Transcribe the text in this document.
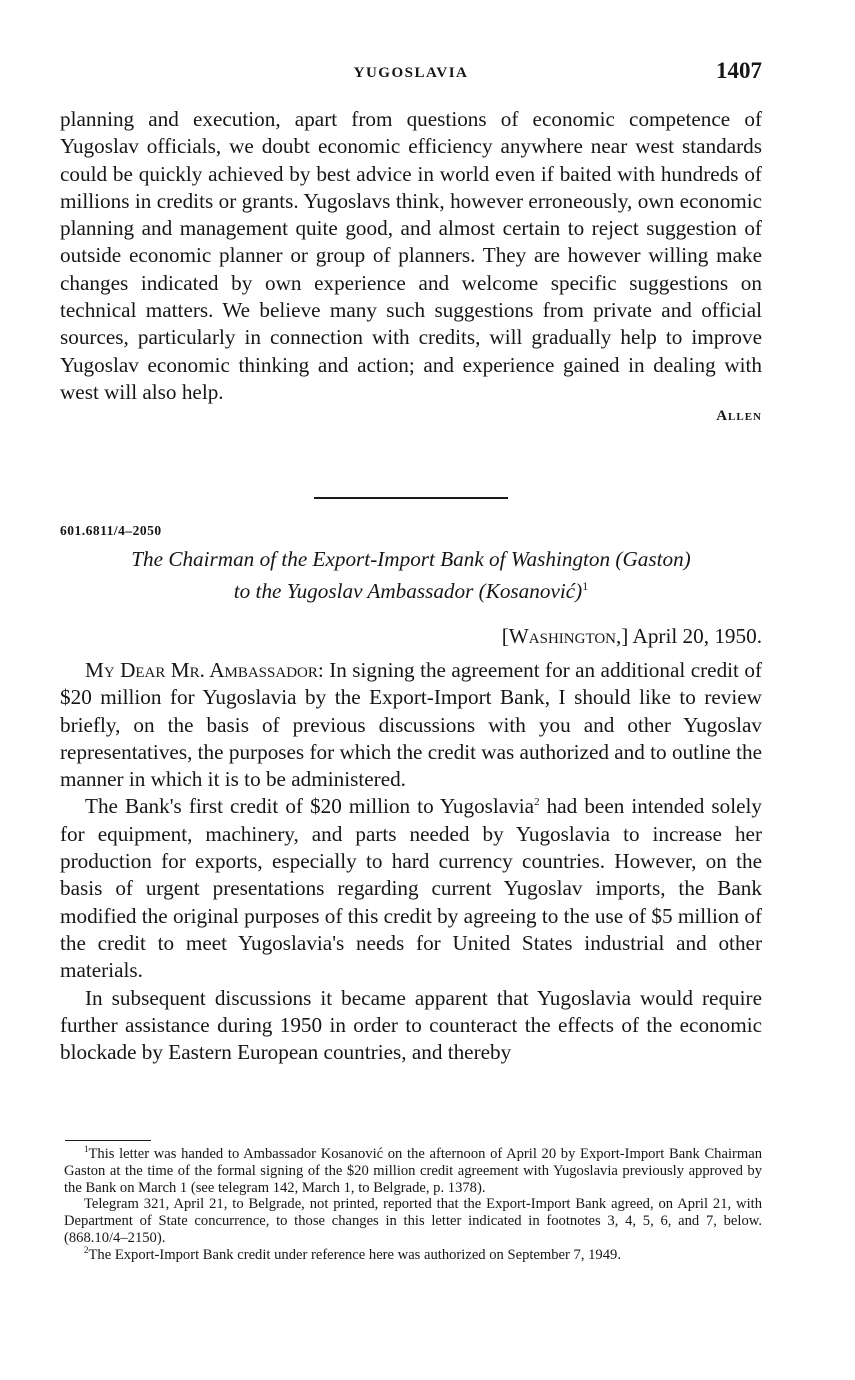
YUGOSLAVIA	1407

planning and execution, apart from questions of economic competence of Yugoslav officials, we doubt economic efficiency anywhere near west standards could be quickly achieved by best advice in world even if baited with hundreds of millions in credits or grants. Yugoslavs think, however erroneously, own economic planning and management quite good, and almost certain to reject suggestion of outside economic planner or group of planners. They are however willing make changes indicated by own experience and welcome specific suggestions on technical matters. We believe many such suggestions from private and official sources, particularly in connection with credits, will gradually help to improve Yugoslav economic thinking and action; and experience gained in dealing with west will also help.

Allen
601.6811/4–2050
The Chairman of the Export-Import Bank of Washington (Gaston)
to the Yugoslav Ambassador (Kosanović)$^1$
[Washington,] April 20, 1950.

My Dear Mr. Ambassador: In signing the agreement for an additional credit of $20 million for Yugoslavia by the Export-Import Bank, I should like to review briefly, on the basis of previous discussions with you and other Yugoslav representatives, the purposes for which the credit was authorized and to outline the manner in which it is to be administered.

The Bank's first credit of $20 million to Yugoslavia$^2$ had been intended solely for equipment, machinery, and parts needed by Yugoslavia to increase her production for exports, especially to hard currency countries. However, on the basis of urgent presentations regarding current Yugoslav imports, the Bank modified the original purposes of this credit by agreeing to the use of $5 million of the credit to meet Yugoslavia's needs for United States industrial and other materials.

In subsequent discussions it became apparent that Yugoslavia would require further assistance during 1950 in order to counteract the effects of the economic blockade by Eastern European countries, and thereby

$^1$This letter was handed to Ambassador Kosanović on the afternoon of April 20 by Export-Import Bank Chairman Gaston at the time of the formal signing of the $20 million credit agreement with Yugoslavia previously approved by the Bank on March 1 (see telegram 142, March 1, to Belgrade, p. 1378).

Telegram 321, April 21, to Belgrade, not printed, reported that the Export-Import Bank agreed, on April 21, with Department of State concurrence, to those changes in this letter indicated in footnotes 3, 4, 5, 6, and 7, below. (868.10/4–2150).

$^2$The Export-Import Bank credit under reference here was authorized on September 7, 1949.
